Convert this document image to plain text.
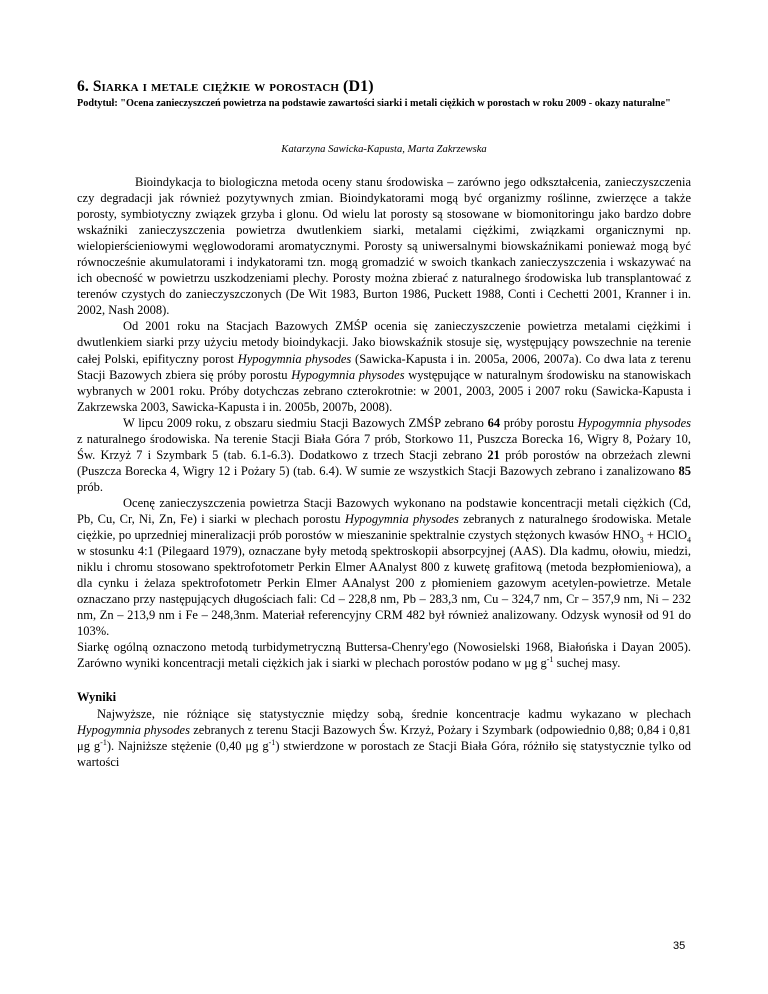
6. Siarka i metale ciężkie w porostach (D1)

Podtytuł: "Ocena zanieczyszczeń powietrza na podstawie zawartości siarki i metali ciężkich w porostach w roku 2009 - okazy naturalne"

Katarzyna Sawicka-Kapusta, Marta Zakrzewska

Bioindykacja to biologiczna metoda oceny stanu środowiska – zarówno jego odkształcenia, zanieczyszczenia czy degradacji jak również pozytywnych zmian. Bioindykatorami mogą być organizmy roślinne, zwierzęce a także porosty, symbiotyczny związek grzyba i glonu. Od wielu lat porosty są stosowane w biomonitoringu jako bardzo dobre wskaźniki zanieczyszczenia powietrza dwutlenkiem siarki, metalami ciężkimi, związkami organicznymi np. wielopierścieniowymi węglowodorami aromatycznymi. Porosty są uniwersalnymi biowskaźnikami ponieważ mogą być równocześnie akumulatorami i indykatorami tzn. mogą gromadzić w swoich tkankach zanieczyszczenia i wskazywać na ich obecność w powietrzu uszkodzeniami plechy. Porosty można zbierać z naturalnego środowiska lub transplantować z terenów czystych do zanieczyszczonych (De Wit 1983, Burton 1986, Puckett 1988, Conti i Cechetti 2001, Kranner i in. 2002, Nash 2008).

Od 2001 roku na Stacjach Bazowych ZMŚP ocenia się zanieczyszczenie powietrza metalami ciężkimi i dwutlenkiem siarki przy użyciu metody bioindykacji. Jako biowskaźnik stosuje się, występujący powszechnie na terenie całej Polski, epifityczny porost Hypogymnia physodes (Sawicka-Kapusta i in. 2005a, 2006, 2007a). Co dwa lata z terenu Stacji Bazowych zbiera się próby porostu Hypogymnia physodes występujące w naturalnym środowisku na stanowiskach wybranych w 2001 roku. Próby dotychczas zebrano czterokrotnie: w 2001, 2003, 2005 i 2007 roku (Sawicka-Kapusta i Zakrzewska 2003, Sawicka-Kapusta i in. 2005b, 2007b, 2008).

W lipcu 2009 roku, z obszaru siedmiu Stacji Bazowych ZMŚP zebrano 64 próby porostu Hypogymnia physodes z naturalnego środowiska. Na terenie Stacji Biała Góra 7 prób, Storkowo 11, Puszcza Borecka 16, Wigry 8, Pożary 10, Św. Krzyż 7 i Szymbark 5 (tab. 6.1-6.3). Dodatkowo z trzech Stacji zebrano 21 prób porostów na obrzeżach zlewni (Puszcza Borecka 4, Wigry 12 i Pożary 5) (tab. 6.4). W sumie ze wszystkich Stacji Bazowych zebrano i zanalizowano 85 prób.

Ocenę zanieczyszczenia powietrza Stacji Bazowych wykonano na podstawie koncentracji metali ciężkich (Cd, Pb, Cu, Cr, Ni, Zn, Fe) i siarki w plechach porostu Hypogymnia physodes zebranych z naturalnego środowiska. Metale ciężkie, po uprzedniej mineralizacji prób porostów w mieszaninie spektralnie czystych stężonych kwasów $HNO_3$ + HClO$_4$ w stosunku 4:1 (Pilegaard 1979), oznaczane były metodą spektroskopii absorpcyjnej (AAS). Dla kadmu, ołowiu, miedzi, niklu i chromu stosowano spektrofotometr Perkin Elmer AAnalyst 800 z kuwetę grafitową (metoda bezpłomieniowa), a dla cynku i żelaza spektrofotometr Perkin Elmer AAnalyst 200 z płomieniem gazowym acetylen-powietrze. Metale oznaczano przy następujących długościach fali: Cd – 228,8 nm, Pb – 283,3 nm, Cu – 324,7 nm, Cr – 357,9 nm, Ni – 232 nm, Zn – 213,9 nm i Fe – 248,3nm. Materiał referencyjny CRM 482 był również analizowany. Odzysk wynosił od 91 do 103%.

Siarkę ogólną oznaczono metodą turbidymetryczną Buttersa-Chenry'ego (Nowosielski 1968, Białońska i Dayan 2005). Zarówno wyniki koncentracji metali ciężkich jak i siarki w plechach porostów podano w μg $g^{-1}$ suchej masy.

Wyniki

Najwyższe, nie różniące się statystycznie między sobą, średnie koncentracje kadmu wykazano w plechach Hypogymnia physodes zebranych z terenu Stacji Bazowych Św. Krzyż, Pożary i Szymbark (odpowiednio 0,88; 0,84 i 0,81 μg $g^{-1}$). Najniższe stężenie (0,40 μg $g^{-1}$) stwierdzone w porostach ze Stacji Biała Góra, różniło się statystycznie tylko od wartości

35
